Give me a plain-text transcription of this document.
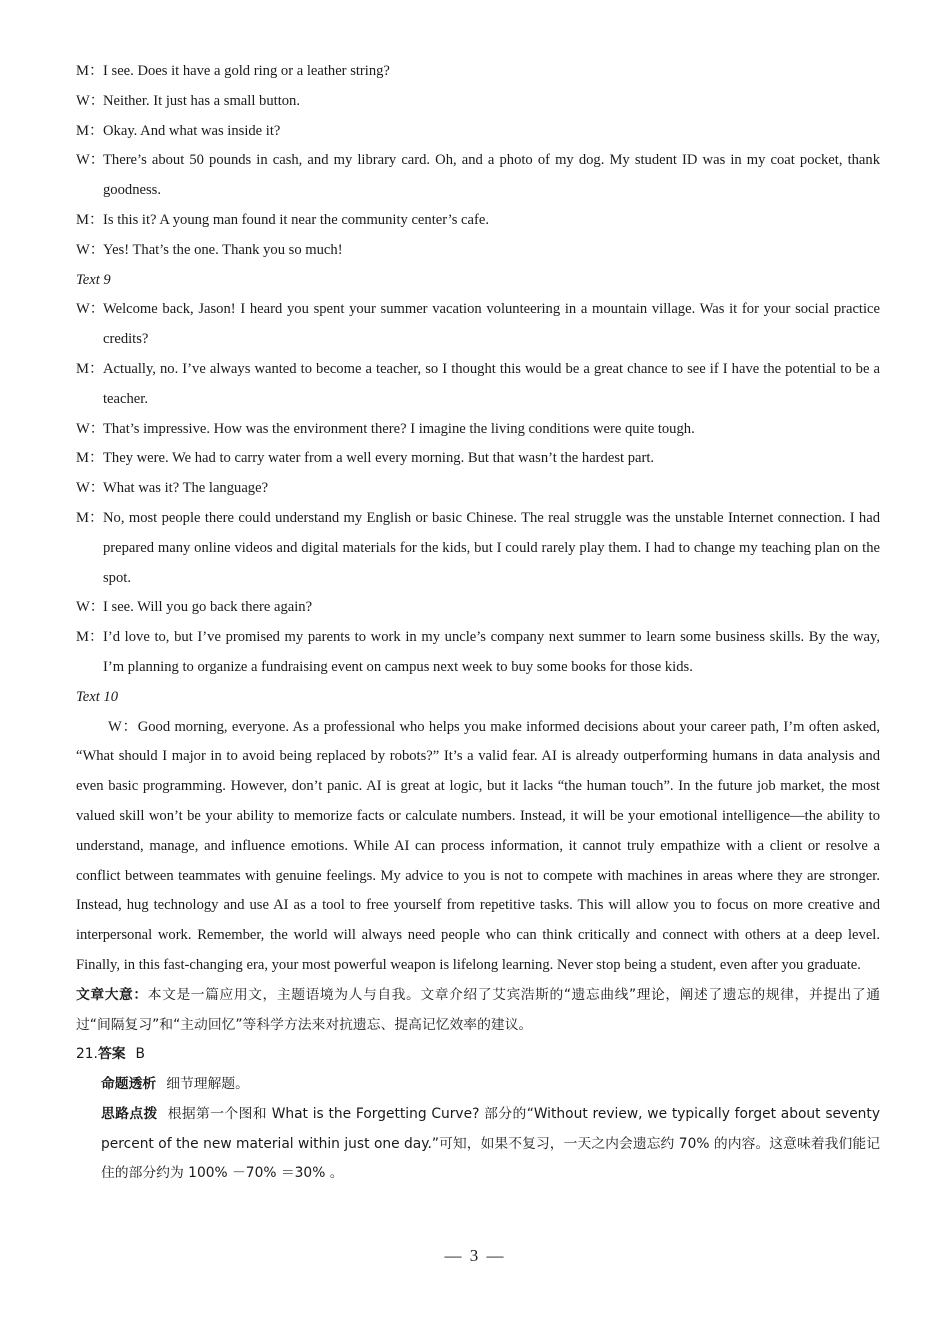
M：I see. Does it have a gold ring or a leather string?

W：Neither. It just has a small button.

M：Okay. And what was inside it?

W：There’s about 50 pounds in cash, and my library card. Oh, and a photo of my dog. My student ID was in my coat pocket, thank goodness.

M：Is this it? A young man found it near the community center’s cafe.

W：Yes! That’s the one. Thank you so much!

Text 9

W：Welcome back, Jason! I heard you spent your summer vacation volunteering in a mountain village. Was it for your social practice credits?

M：Actually, no. I’ve always wanted to become a teacher, so I thought this would be a great chance to see if I have the potential to be a teacher.

W：That’s impressive. How was the environment there? I imagine the living conditions were quite tough.

M：They were. We had to carry water from a well every morning. But that wasn’t the hardest part.

W：What was it? The language?

M：No, most people there could understand my English or basic Chinese. The real struggle was the unstable Internet connection. I had prepared many online videos and digital materials for the kids, but I could rarely play them. I had to change my teaching plan on the spot.

W：I see. Will you go back there again?

M：I’d love to, but I’ve promised my parents to work in my uncle’s company next summer to learn some business skills. By the way, I’m planning to organize a fundraising event on campus next week to buy some books for those kids.

Text 10

W：Good morning, everyone. As a professional who helps you make informed decisions about your career path, I’m often asked, “What should I major in to avoid being replaced by robots?” It’s a valid fear. AI is already outperforming humans in data analysis and even basic programming. However, don’t panic. AI is great at logic, but it lacks “the human touch”. In the future job market, the most valued skill won’t be your ability to memorize facts or calculate numbers. Instead, it will be your emotional intelligence—the ability to understand, manage, and influence emotions. While AI can process information, it cannot truly empathize with a client or resolve a conflict between teammates with genuine feelings. My advice to you is not to compete with machines in areas where they are stronger. Instead, hug technology and use AI as a tool to free yourself from repetitive tasks. This will allow you to focus on more creative and interpersonal work. Remember, the world will always need people who can think critically and connect with others at a deep level. Finally, in this fast-changing era, your most powerful weapon is lifelong learning. Never stop being a student, even after you graduate.

文章大意：本文是一篇应用文，主题语境为人与自我。文章介绍了艾宾浩斯的“遗忘曲线”理论，阐述了遗忘的规律，并提出了通过“间隔复习”和“主动回忆”等科学方法来对抗遗忘、提高记忆效率的建议。

21.答案 B

命题透析 细节理解题。

思路点拨 根据第一个图和 What is the Forgetting Curve? 部分的“Without review, we typically forget about seventy percent of the new material within just one day.”可知，如果不复习，一天之内会遗忘约 70% 的内容。这意味着我们能记住的部分约为 100% －70% ＝30% 。

— 3 —
